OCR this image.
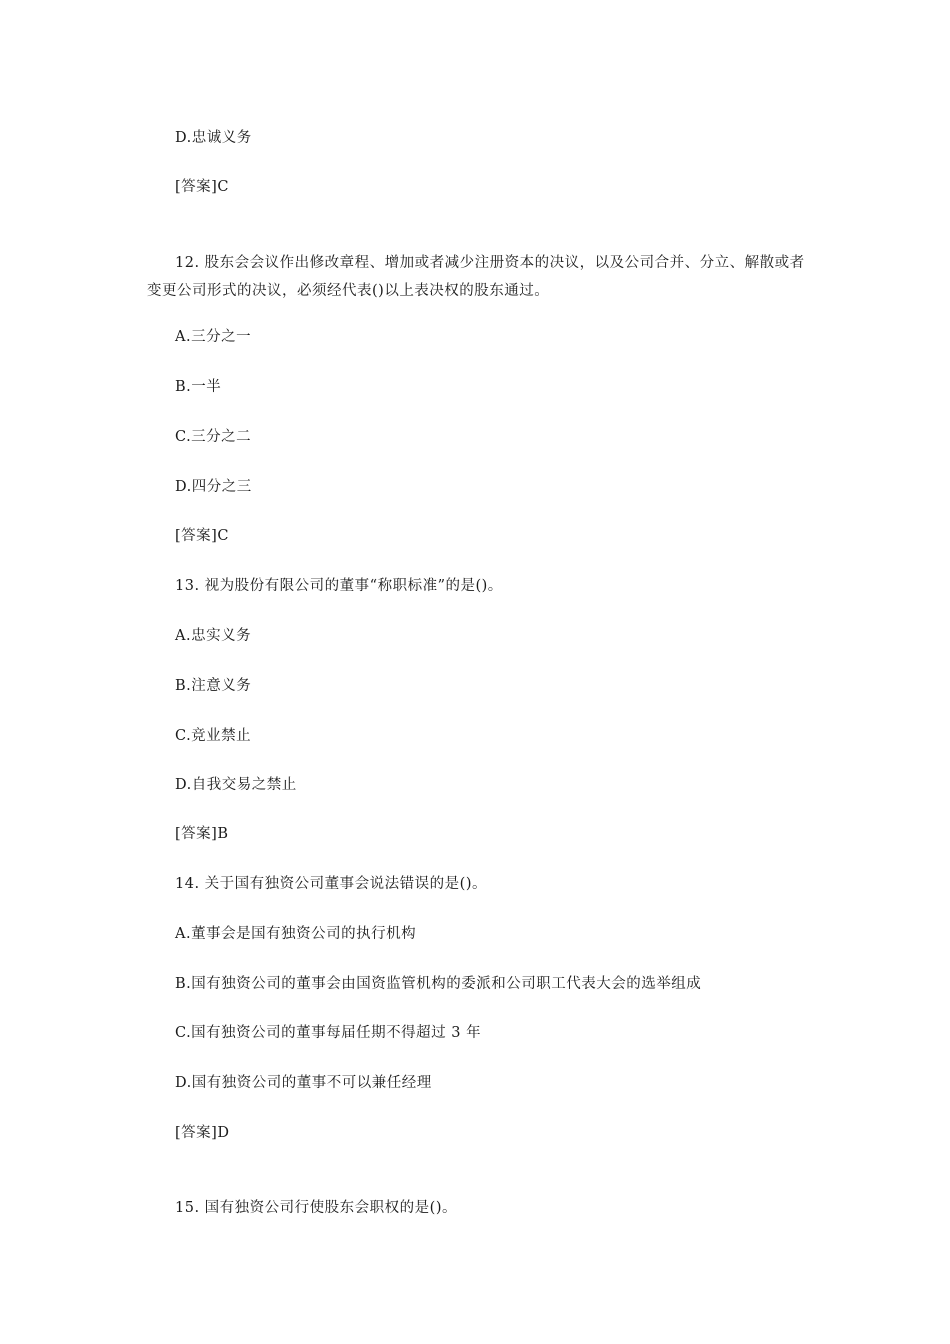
D.忠诚义务
[答案]C
12. 股东会会议作出修改章程、增加或者减少注册资本的决议，以及公司合并、分立、解散或者变更公司形式的决议，必须经代表()以上表决权的股东通过。
A.三分之一
B.一半
C.三分之二
D.四分之三
[答案]C
13. 视为股份有限公司的董事“称职标准”的是()。
A.忠实义务
B.注意义务
C.竞业禁止
D.自我交易之禁止
[答案]B
14. 关于国有独资公司董事会说法错误的是()。
A.董事会是国有独资公司的执行机构
B.国有独资公司的董事会由国资监管机构的委派和公司职工代表大会的选举组成
C.国有独资公司的董事每届任期不得超过 3 年
D.国有独资公司的董事不可以兼任经理
[答案]D
15. 国有独资公司行使股东会职权的是()。
